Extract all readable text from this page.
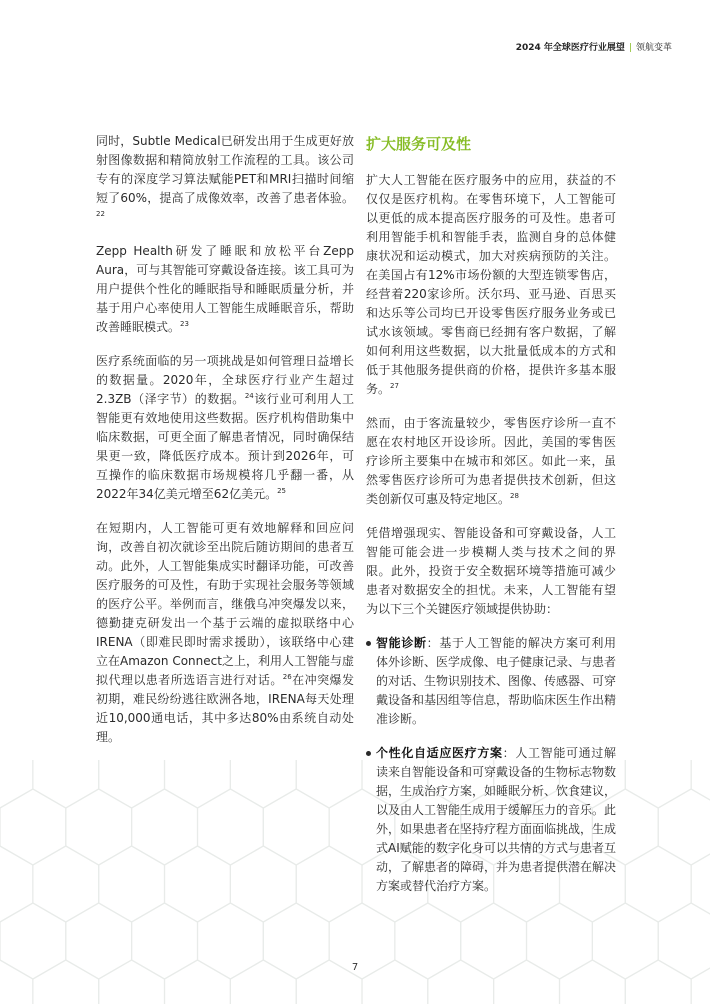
2024 年全球医疗行业展望 | 领航变革

同时，Subtle Medical已研发出用于生成更好放射图像数据和精简放射工作流程的工具。该公司专有的深度学习算法赋能PET和MRI扫描时间缩短了60%，提高了成像效率，改善了患者体验。$^{22}$

Zepp Health研发了睡眠和放松平台Zepp Aura，可与其智能可穿戴设备连接。该工具可为用户提供个性化的睡眠指导和睡眠质量分析，并基于用户心率使用人工智能生成睡眠音乐，帮助改善睡眠模式。$^{23}$

医疗系统面临的另一项挑战是如何管理日益增长的数据量。2020年，全球医疗行业产生超过2.3ZB（泽字节）的数据。$^{24}$该行业可利用人工智能更有效地使用这些数据。医疗机构借助集中临床数据，可更全面了解患者情况，同时确保结果更一致，降低医疗成本。预计到2026年，可互操作的临床数据市场规模将几乎翻一番，从2022年34亿美元增至62亿美元。$^{25}$

在短期内，人工智能可更有效地解释和回应问询，改善自初次就诊至出院后随访期间的患者互动。此外，人工智能集成实时翻译功能，可改善医疗服务的可及性，有助于实现社会服务等领域的医疗公平。举例而言，继俄乌冲突爆发以来，德勤捷克研发出一个基于云端的虚拟联络中心IRENA（即难民即时需求援助），该联络中心建立在Amazon Connect之上，利用人工智能与虚拟代理以患者所选语言进行对话。$^{26}$在冲突爆发初期，难民纷纷逃往欧洲各地，IRENA每天处理近10,000通电话，其中多达80%由系统自动处理。

扩大服务可及性

扩大人工智能在医疗服务中的应用，获益的不仅仅是医疗机构。在零售环境下，人工智能可以更低的成本提高医疗服务的可及性。患者可利用智能手机和智能手表，监测自身的总体健康状况和运动模式，加大对疾病预防的关注。在美国占有12%市场份额的大型连锁零售店，经营着220家诊所。沃尔玛、亚马逊、百思买和达乐等公司均已开设零售医疗服务业务或已试水该领域。零售商已经拥有客户数据，了解如何利用这些数据，以大批量低成本的方式和低于其他服务提供商的价格，提供许多基本服务。$^{27}$

然而，由于客流量较少，零售医疗诊所一直不愿在农村地区开设诊所。因此，美国的零售医疗诊所主要集中在城市和郊区。如此一来，虽然零售医疗诊所可为患者提供技术创新，但这类创新仅可惠及特定地区。$^{28}$

凭借增强现实、智能设备和可穿戴设备，人工智能可能会进一步模糊人类与技术之间的界限。此外，投资于安全数据环境等措施可减少患者对数据安全的担忧。未来，人工智能有望为以下三个关键医疗领域提供协助：

智能诊断：基于人工智能的解决方案可利用体外诊断、医学成像、电子健康记录、与患者的对话、生物识别技术、图像、传感器、可穿戴设备和基因组等信息，帮助临床医生作出精准诊断。
个性化自适应医疗方案：人工智能可通过解读来自智能设备和可穿戴设备的生物标志物数据，生成治疗方案，如睡眠分析、饮食建议，以及由人工智能生成用于缓解压力的音乐。此外，如果患者在坚持疗程方面面临挑战，生成式AI赋能的数字化身可以共情的方式与患者互动，了解患者的障碍，并为患者提供潜在解决方案或替代治疗方案。
7
